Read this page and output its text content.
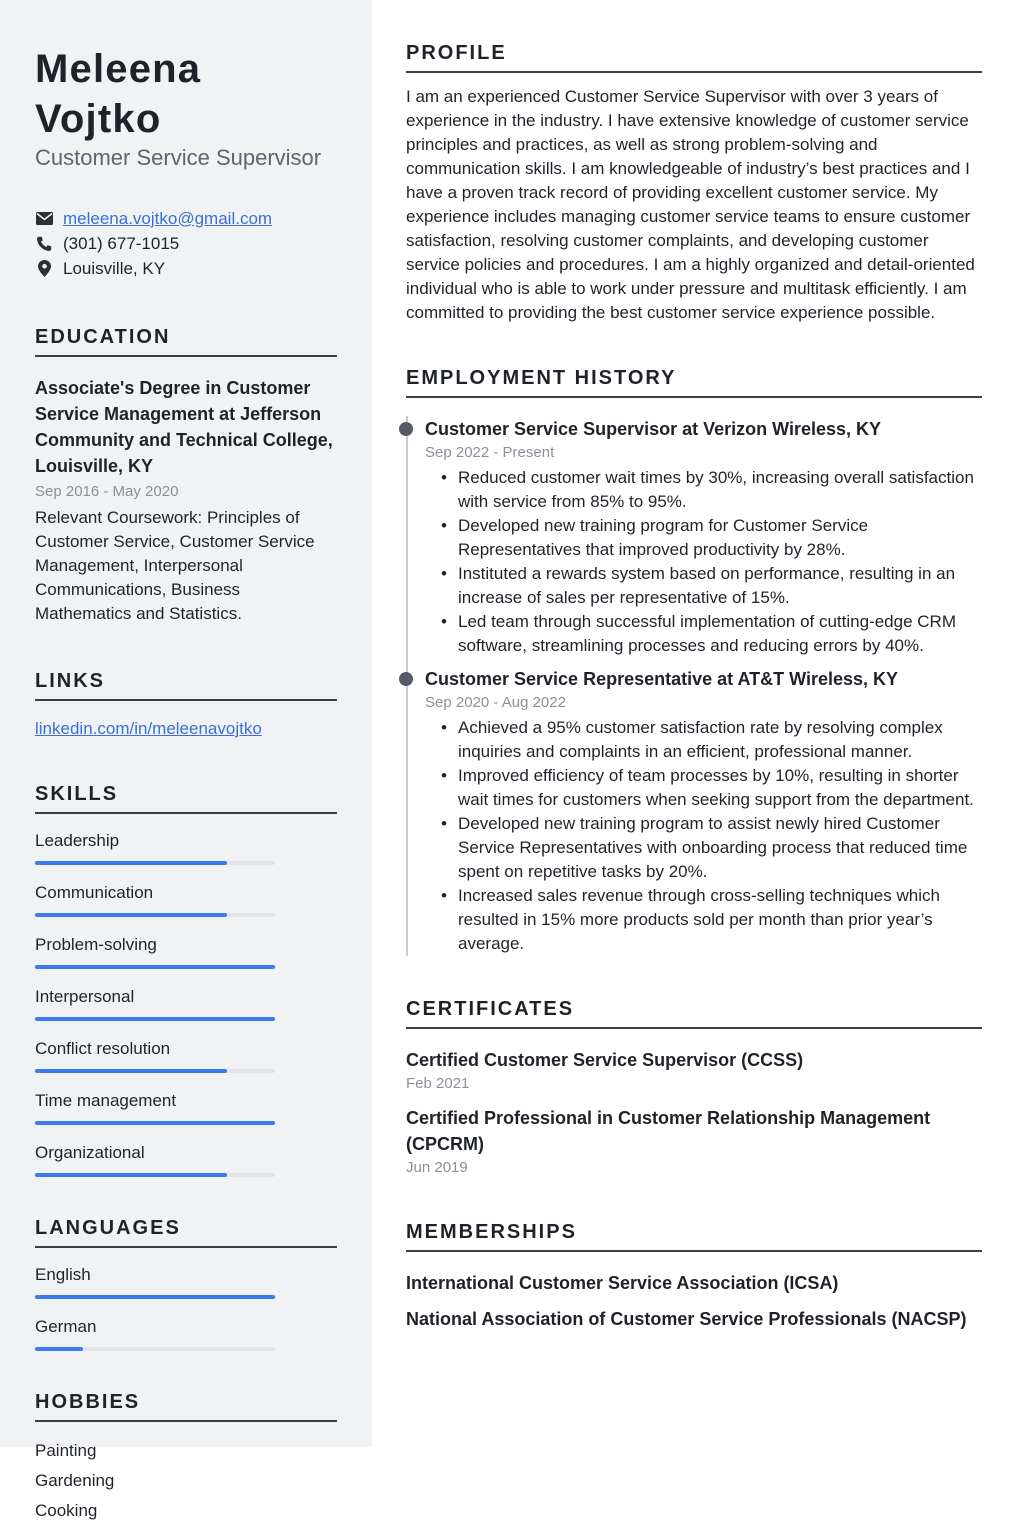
Meleena Vojtko
Customer Service Supervisor
meleena.vojtko@gmail.com
(301) 677-1015
Louisville, KY
EDUCATION
Associate's Degree in Customer Service Management at Jefferson Community and Technical College, Louisville, KY
Sep 2016 - May 2020
Relevant Coursework: Principles of Customer Service, Customer Service Management, Interpersonal Communications, Business Mathematics and Statistics.
LINKS
linkedin.com/in/meleenavojtko
SKILLS
Leadership
Communication
Problem-solving
Interpersonal
Conflict resolution
Time management
Organizational
LANGUAGES
English
German
HOBBIES
Painting
Gardening
Cooking
PROFILE
I am an experienced Customer Service Supervisor with over 3 years of experience in the industry. I have extensive knowledge of customer service principles and practices, as well as strong problem-solving and communication skills. I am knowledgeable of industry’s best practices and I have a proven track record of providing excellent customer service. My experience includes managing customer service teams to ensure customer satisfaction, resolving customer complaints, and developing customer service policies and procedures. I am a highly organized and detail-oriented individual who is able to work under pressure and multitask efficiently. I am committed to providing the best customer service experience possible.
EMPLOYMENT HISTORY
Customer Service Supervisor at Verizon Wireless, KY
Sep 2022 - Present
• Reduced customer wait times by 30%, increasing overall satisfaction with service from 85% to 95%.
• Developed new training program for Customer Service Representatives that improved productivity by 28%.
• Instituted a rewards system based on performance, resulting in an increase of sales per representative of 15%.
• Led team through successful implementation of cutting-edge CRM software, streamlining processes and reducing errors by 40%.
Customer Service Representative at AT&T Wireless, KY
Sep 2020 - Aug 2022
• Achieved a 95% customer satisfaction rate by resolving complex inquiries and complaints in an efficient, professional manner.
• Improved efficiency of team processes by 10%, resulting in shorter wait times for customers when seeking support from the department.
• Developed new training program to assist newly hired Customer Service Representatives with onboarding process that reduced time spent on repetitive tasks by 20%.
• Increased sales revenue through cross-selling techniques which resulted in 15% more products sold per month than prior year’s average.
CERTIFICATES
Certified Customer Service Supervisor (CCSS)
Feb 2021
Certified Professional in Customer Relationship Management (CPCRM)
Jun 2019
MEMBERSHIPS
International Customer Service Association (ICSA)
National Association of Customer Service Professionals (NACSP)
